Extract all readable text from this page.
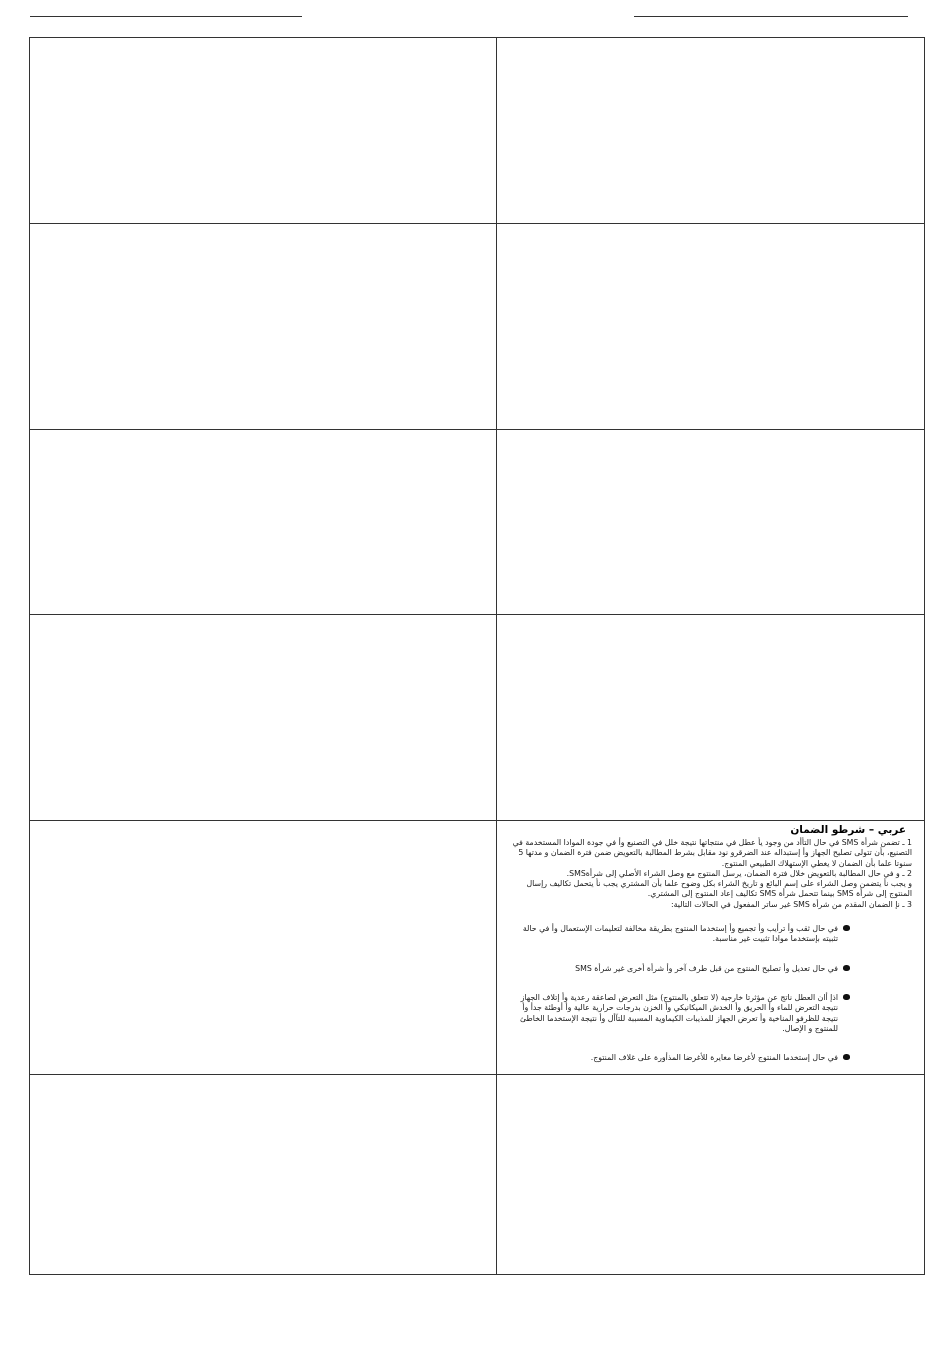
عربي – شرطو الضمان

1 ـ تضمن شرأة SMS في حال التأأد من وجود يأ عطل في منتجاتها نتيجة خلل في التصنيع وأ في جودة الموادا المستخدمة في التصنيع، بأن تتولى تصليح الجهاز وأ إستبداله عند الضرقرو نود مقابل بشرط المطالبة بالتعويض ضمن فترة الضمان و مدتها 5 سنوتا علما بأن الضمان لا يغطي الإستهلاك الطبيعي المنتوج.

2 ـ و في حال المطالبة بالتعويض خلال فترة الضمان، يرسل المنتوج مع وصل الشراء الأصلي إلى شرأةSMS.

و يجب نأ يتضمن وصل الشراء على إسم البائع و تاريخ الشراء بكل وضوح علما بأن المشتري يجب نأ يتحمل تكاليف رإسال المنتوج إلى شرأة SMS بينما تتحمل شرأة SMS تكاليف إعاد المنتوج إلى المشتري.

3 ـ نإ الضمان المقدم من شرأة SMS غير ساتر المفعول في الحالات التالية:

في حال ثقب وأ ترأيب وأ تجميع وأ إستخدما المنتوج بطريقة مخالفة لتعليمات الإستعمال وأ في حالة تثبيته بإستخدما موادا تثبيت غير مناسبة.
في حال تعديل وأ تصليح المنتوج من قبل طرف آخر وأ شرأة أخرى غير شرأة SMS
اذإ أان العطل ناتج عن مؤثرتا خارجية (لا تتعلق بالمنتوج) مثل التعرض لصاعقة رعدية وأ إتلاف الجهاز نتيجة التعرض للماء وأ الحريق وأ الخدش الميكانيكي وأ الخزن بدرجات حرارية عالية وأ أوطئة جدأ وأ نتيجة للظرفو المناخية وأ تعرض الجهاز للمذيبات الكيماوية المسببة للتآأل وأ نتيجة الإستخدما الخاطئ للمنتوج و الإصال.
في حال إستخدما المنتوج لأغرضا مغايرة للأغرضا المذأورة على غلاف المنتوج.
